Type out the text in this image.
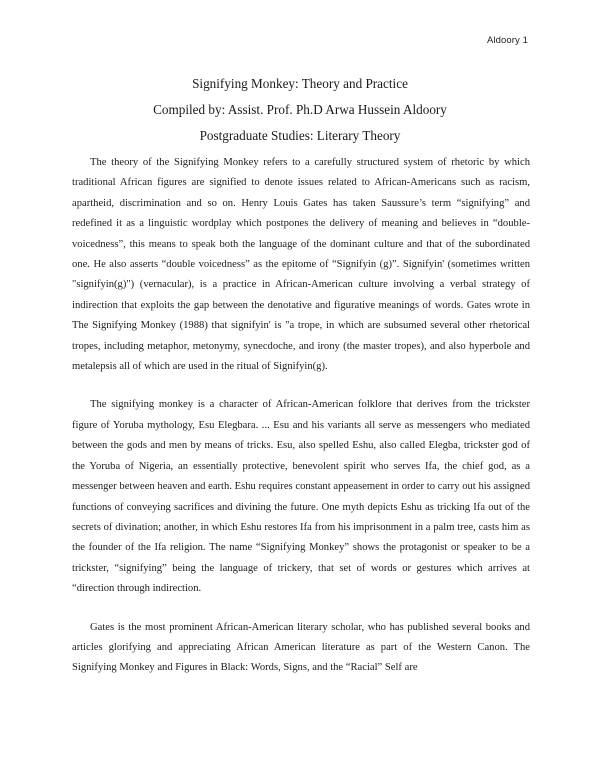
Aldoory 1
Signifying Monkey: Theory and Practice
Compiled by: Assist. Prof. Ph.D Arwa Hussein Aldoory
Postgraduate Studies: Literary Theory

The theory of the Signifying Monkey refers to a carefully structured system of rhetoric by which traditional African figures are signified to denote issues related to African-Americans such as racism, apartheid, discrimination and so on. Henry Louis Gates has taken Saussure’s term “signifying” and redefined it as a linguistic wordplay which postpones the delivery of meaning and believes in “double-voicedness”, this means to speak both the language of the dominant culture and that of the subordinated one. He also asserts “double voicedness” as the epitome of “Signifyin (g)”. Signifyin' (sometimes written "signifyin(g)") (vernacular), is a practice in African-American culture involving a verbal strategy of indirection that exploits the gap between the denotative and figurative meanings of words. Gates wrote in The Signifying Monkey (1988) that signifyin' is "a trope, in which are subsumed several other rhetorical tropes, including metaphor, metonymy, synecdoche, and irony (the master tropes), and also hyperbole and metalepsis all of which are used in the ritual of Signifyin(g).

The signifying monkey is a character of African-American folklore that derives from the trickster figure of Yoruba mythology, Esu Elegbara. ... Esu and his variants all serve as messengers who mediated between the gods and men by means of tricks. Esu, also spelled Eshu, also called Elegba, trickster god of the Yoruba of Nigeria, an essentially protective, benevolent spirit who serves Ifa, the chief god, as a messenger between heaven and earth. Eshu requires constant appeasement in order to carry out his assigned functions of conveying sacrifices and divining the future. One myth depicts Eshu as tricking Ifa out of the secrets of divination; another, in which Eshu restores Ifa from his imprisonment in a palm tree, casts him as the founder of the Ifa religion. The name “Signifying Monkey” shows the protagonist or speaker to be a trickster, “signifying” being the language of trickery, that set of words or gestures which arrives at “direction through indirection.

Gates is the most prominent African-American literary scholar, who has published several books and articles glorifying and appreciating African American literature as part of the Western Canon. The Signifying Monkey and Figures in Black: Words, Signs, and the “Racial” Self are
